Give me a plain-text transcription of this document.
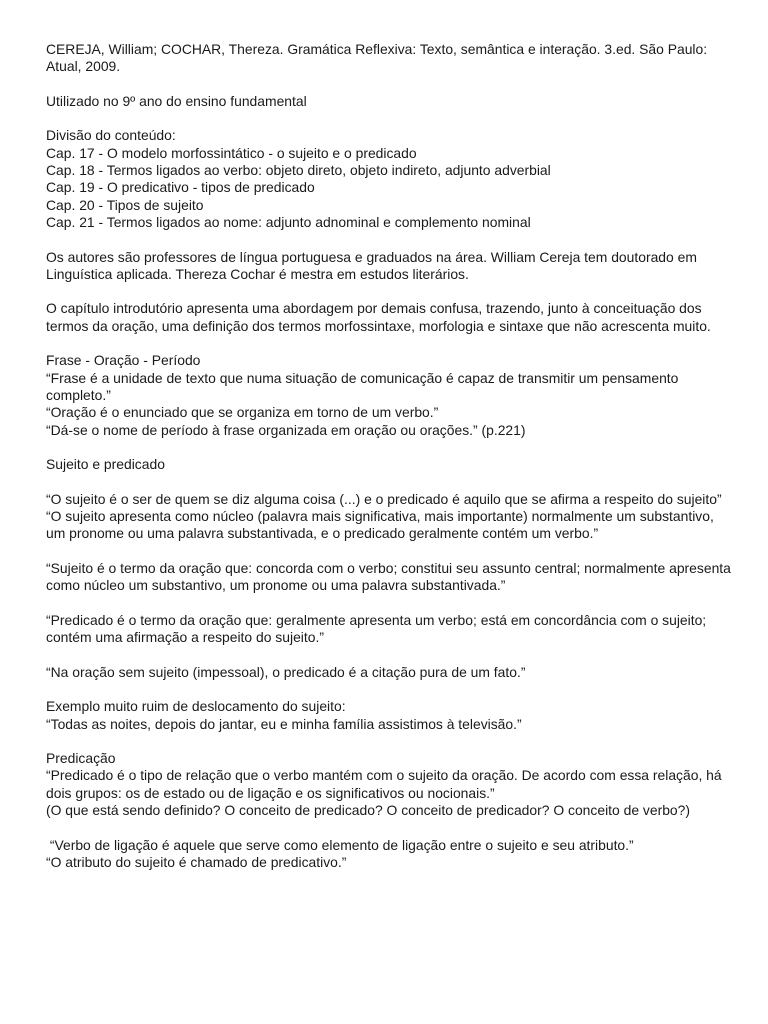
CEREJA, William; COCHAR, Thereza. Gramática Reflexiva: Texto, semântica e interação. 3.ed. São Paulo: Atual, 2009.

Utilizado no 9º ano do ensino fundamental

Divisão do conteúdo:

Cap. 17 - O modelo morfossintático - o sujeito e o predicado

Cap. 18 - Termos ligados ao verbo: objeto direto, objeto indireto, adjunto adverbial

Cap. 19 - O predicativo - tipos de predicado

Cap. 20 - Tipos de sujeito

Cap. 21 - Termos ligados ao nome: adjunto adnominal e complemento nominal

Os autores são professores de língua portuguesa e graduados na área. William Cereja tem doutorado em Linguística aplicada. Thereza Cochar é mestra em estudos literários.

O capítulo introdutório apresenta uma abordagem por demais confusa, trazendo, junto à conceituação dos termos da oração, uma definição dos termos morfossintaxe, morfologia e sintaxe que não acrescenta muito.

Frase - Oração - Período

“Frase é a unidade de texto que numa situação de comunicação é capaz de transmitir um pensamento completo.”

“Oração é o enunciado que se organiza em torno de um verbo.”

“Dá-se o nome de período à frase organizada em oração ou orações.” (p.221)

Sujeito e predicado

“O sujeito é o ser de quem se diz alguma coisa (...) e o predicado é aquilo que se afirma a respeito do sujeito”

“O sujeito apresenta como núcleo (palavra mais significativa, mais importante) normalmente um substantivo, um pronome ou uma palavra substantivada, e o predicado geralmente contém um verbo.”

“Sujeito é o termo da oração que: concorda com o verbo; constitui seu assunto central; normalmente apresenta como núcleo um substantivo, um pronome ou uma palavra substantivada.”

“Predicado é o termo da oração que: geralmente apresenta um verbo; está em concordância com o sujeito; contém uma afirmação a respeito do sujeito.”

“Na oração sem sujeito (impessoal), o predicado é a citação pura de um fato.”

Exemplo muito ruim de deslocamento do sujeito:

“Todas as noites, depois do jantar, eu e minha família assistimos à televisão.”

Predicação

“Predicado é o tipo de relação que o verbo mantém com o sujeito da oração. De acordo com essa relação, há dois grupos: os de estado ou de ligação e os significativos ou nocionais.”

(O que está sendo definido? O conceito de predicado? O conceito de predicador? O conceito de verbo?)

“Verbo de ligação é aquele que serve como elemento de ligação entre o sujeito e seu atributo.”

“O atributo do sujeito é chamado de predicativo.”
